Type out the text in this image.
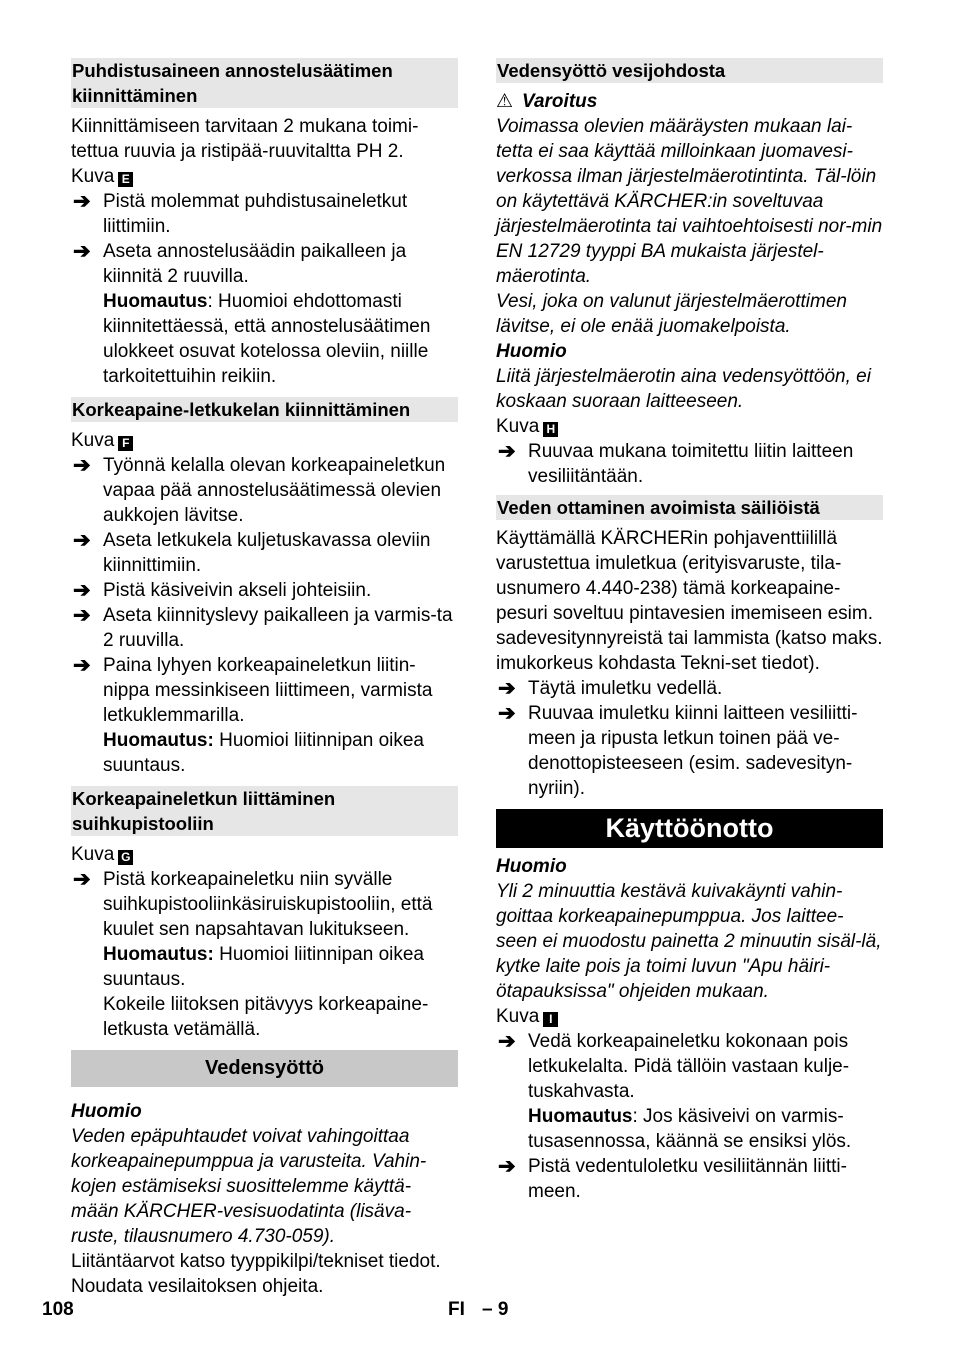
Puhdistusaineen annostelusäätimen kiinnittäminen

Kiinnittämiseen tarvitaan 2 mukana toimi-tettua ruuvia ja ristipää-ruuvitaltta PH 2.

Kuva E

➔ Pistä molemmat puhdistusaineletkut liittimiin.
➔ Aseta annostelusäädin paikalleen ja kiinnitä 2 ruuvilla.
Huomautus: Huomioi ehdottomasti kiinnitettäessä, että annostelusäätimen ulokkeet osuvat kotelossa oleviin, niille tarkoitettuihin reikiin.
Korkeapaine-letkukelan kiinnittäminen

Kuva F

➔ Työnnä kelalla olevan korkeapaineletkun vapaa pää annostelusäätimessä olevien aukkojen lävitse.
➔ Aseta letkukela kuljetuskavassa oleviin kiinnittimiin.
➔ Pistä käsiveivin akseli johteisiin.
➔ Aseta kiinnityslevy paikalleen ja varmis-ta 2 ruuvilla.
➔ Paina lyhyen korkeapaineletkun liitin-nippa messinkiseen liittimeen, varmista letkuklemmarilla.
Huomautus: Huomioi liitinnipan oikea suuntaus.
Korkeapaineletkun liittäminen suihkupistooliin

Kuva G

➔ Pistä korkeapaineletku niin syvälle suihkupistooliinkäsiruiskupistooliin, että kuulet sen napsahtavan lukitukseen.
Huomautus: Huomioi liitinnipan oikea suuntaus.
Kokeile liitoksen pitävyys korkeapaine-letkusta vetämällä.
Vedensyöttö

Huomio

Veden epäpuhtaudet voivat vahingoittaa korkeapainepumppua ja varusteita. Vahin-kojen estämiseksi suosittelemme käyttä-mään KÄRCHER-vesisuodatinta (lisäva-ruste, tilausnumero 4.730-059).

Liitäntäarvot katso tyyppikilpi/tekniset tiedot.

Noudata vesilaitoksen ohjeita.

Vedensyöttö vesijohdosta

⚠ Varoitus

Voimassa olevien määräysten mukaan lai-tetta ei saa käyttää milloinkaan juomavesi-verkossa ilman järjestelmäerotintinta. Täl-löin on käytettävä KÄRCHER:in soveltuvaa järjestelmäerotinta tai vaihtoehtoisesti nor-min EN 12729 tyyppi BA mukaista järjestel-mäerotinta.

Vesi, joka on valunut järjestelmäerottimen lävitse, ei ole enää juomakelpoista.

Huomio

Liitä järjestelmäerotin aina vedensyöttöön, ei koskaan suoraan laitteeseen.

Kuva H

➔ Ruuvaa mukana toimitettu liitin laitteen vesiliitäntään.
Veden ottaminen avoimista säiliöistä

Käyttämällä KÄRCHERin pohjaventtiilillä varustettua imuletkua (erityisvaruste, tila-usnumero 4.440-238) tämä korkeapaine-pesuri soveltuu pintavesien imemiseen esim. sadevesitynnyreistä tai lammista (katso maks. imukorkeus kohdasta Tekni-set tiedot).

➔ Täytä imuletku vedellä.
➔ Ruuvaa imuletku kiinni laitteen vesiliitti-meen ja ripusta letkun toinen pää ve-denottopisteeseen (esim. sadevesityn-nyriin).
Käyttöönotto

Huomio

Yli 2 minuuttia kestävä kuivakäynti vahin-goittaa korkeapainepumppua. Jos laittee-seen ei muodostu painetta 2 minuutin sisäl-lä, kytke laite pois ja toimi luvun "Apu häiri-ötapauksissa" ohjeiden mukaan.

Kuva I

➔ Vedä korkeapaineletku kokonaan pois letkukelalta. Pidä tällöin vastaan kulje-tuskahvasta.
Huomautus: Jos käsiveivi on varmis-tusasennossa, käännä se ensiksi ylös.
➔ Pistä vedentuloletku vesiliitännän liitti-meen.
108	FI – 9
